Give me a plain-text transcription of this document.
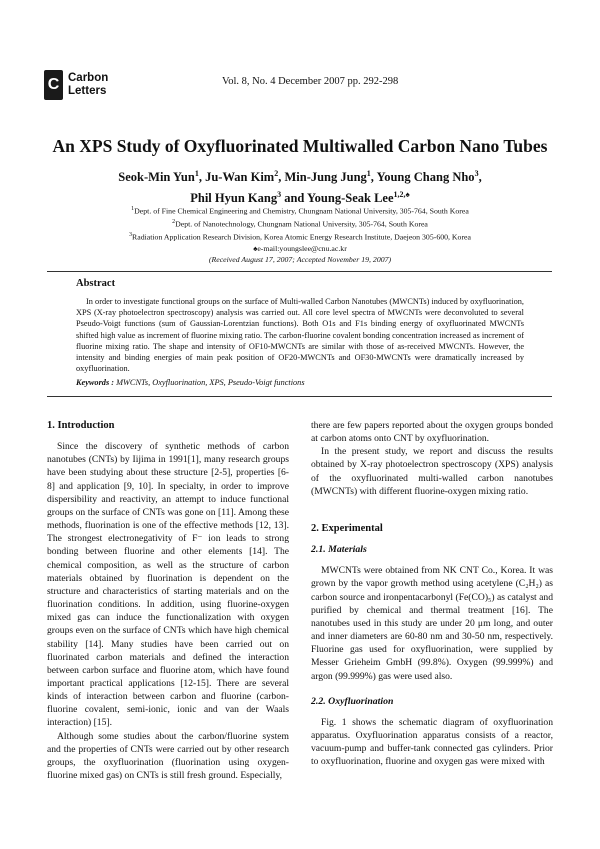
C Carbon
Letters
Vol. 8, No. 4 December 2007 pp. 292-298
An XPS Study of Oxyfluorinated Multiwalled Carbon Nano Tubes
Seok-Min Yun$^1$, Ju-Wan Kim$^2$, Min-Jung Jung$^1$, Young Chang Nho$^3$,
Phil Hyun Kang$^3$ and Young-Seak Lee$^{1,2,♠}$
$^1$Dept. of Fine Chemical Engineering and Chemistry, Chungnam National University, 305-764, South Korea
$^2$Dept. of Nanotechnology, Chungnam National University, 305-764, South Korea
$^3$Radiation Application Research Division, Korea Atomic Energy Research Institute, Daejeon 305-600, Korea
♠e-mail:youngslee@cnu.ac.kr
(Received August 17, 2007; Accepted November 19, 2007)
Abstract
In order to investigate functional groups on the surface of Multi-walled Carbon Nanotubes (MWCNTs) induced by oxyfluorination, XPS (X-ray photoelectron spectroscopy) analysis was carried out. All core level spectra of MWCNTs were deconvoluted to several Pseudo-Voigt functions (sum of Gaussian-Lorentzian functions). Both O1s and F1s binding energy of oxyfluorinated MWCNTs shifted high value as increment of fluorine mixing ratio. The carbon-fluorine covalent bonding concentration increased as increment of fluorine mixing ratio. The shape and intensity of OF10-MWCNTs are similar with those of as-received MWCNTs. However, the intensity and binding energies of main peak position of OF20-MWCNTs and OF30-MWCNTs were dramatically increased by oxyfluorination.
Keywords : MWCNTs, Oxyfluorination, XPS, Pseudo-Voigt functions
1. Introduction

Since the discovery of synthetic methods of carbon nanotubes (CNTs) by Iijima in 1991[1], many research groups have been studying about these structure [2-5], properties [6-8] and application [9, 10]. In specialty, in order to improve dispersibility and reactivity, an attempt to induce functional groups on the surface of CNTs was gone on [11]. Among these methods, fluorination is one of the effective methods [12, 13]. The strongest electronegativity of F⁻ ion leads to strong bonding between fluorine and other elements [14]. The chemical composition, as well as the structure of carbon materials obtained by fluorination is dependent on the structure and characteristics of starting materials and on the fluorination conditions. In addition, using fluorine-oxygen mixed gas can induce the functionalization with oxygen groups even on the surface of CNTs which have high chemical stability [14]. Many studies have been carried out on fluorinated carbon materials and defined the interaction between carbon surface and fluorine atom, which have found important practical applications [12-15]. There are several kinds of interaction between carbon and fluorine (carbon-fluorine covalent, semi-ionic, ionic and van der Waals interaction) [15].

Although some studies about the carbon/fluorine system and the properties of CNTs were carried out by other research groups, the oxyfluorination (fluorination using oxygen-fluorine mixed gas) on CNTs is still fresh ground. Especially,

there are few papers reported about the oxygen groups bonded at carbon atoms onto CNT by oxyfluorination.

In the present study, we report and discuss the results obtained by X-ray photoelectron spectroscopy (XPS) analysis of the oxyfluorinated multi-walled carbon nanotubes (MWCNTs) with different fluorine-oxygen mixing ratio.

2. Experimental
2.1. Materials

MWCNTs were obtained from NK CNT Co., Korea. It was grown by the vapor growth method using acetylene (C₂H₂) as carbon source and ironpentacarbonyl (Fe(CO)₅) as catalyst and purified by chemical and thermal treatment [16]. The nanotubes used in this study are under 20 μm long, and outer and inner diameters are 60-80 nm and 30-50 nm, respectively. Fluorine gas used for oxyfluorination, were supplied by Messer Grieheim GmbH (99.8%). Oxygen (99.999%) and argon (99.999%) gas were used also.

2.2. Oxyfluorination

Fig. 1 shows the schematic diagram of oxyfluorination apparatus. Oxyfluorination apparatus consists of a reactor, vacuum-pump and buffer-tank connected gas cylinders. Prior to oxyfluorination, fluorine and oxygen gas were mixed with
